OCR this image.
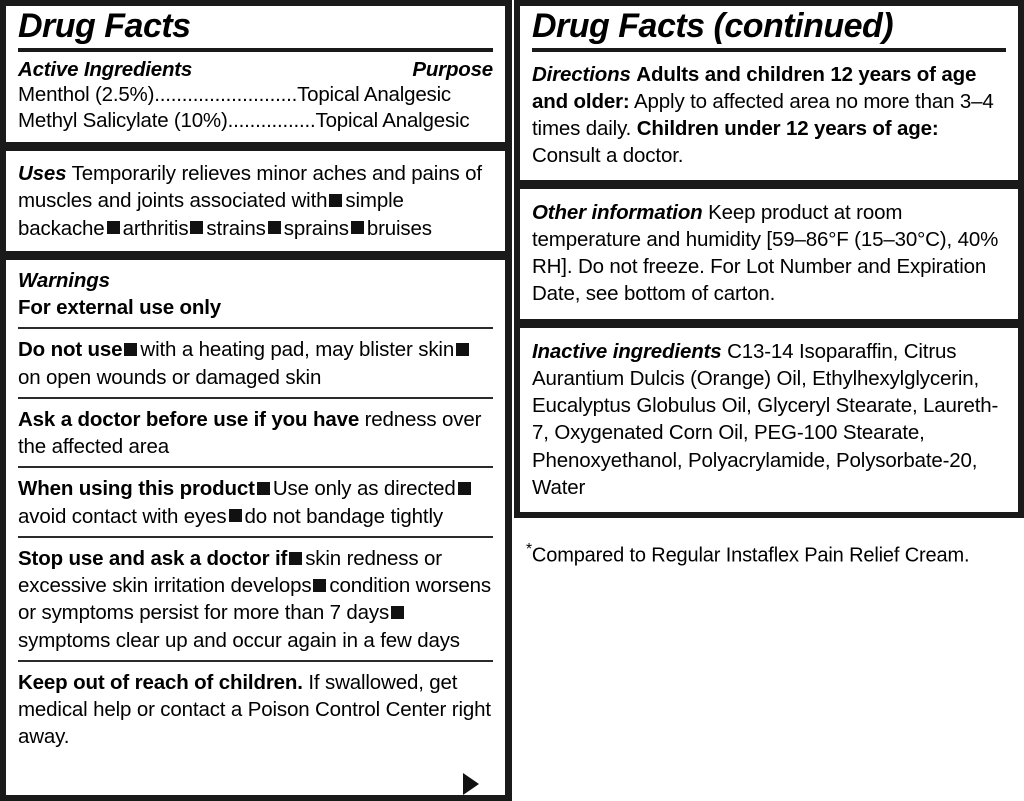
Drug Facts
Active Ingredients	Purpose
Menthol (2.5%)..........................Topical Analgesic
Methyl Salicylate (10%)................Topical Analgesic
Uses Temporarily relieves minor aches and pains of muscles and joints associated with simple backache arthritis strains sprains bruises
Warnings
For external use only
Do not use with a heating pad, may blister skinon open wounds or damaged skin
Ask a doctor before use if you have redness over the affected area
When using this product Use only as directedavoid contact with eyes do not bandage tightly
Stop use and ask a doctor if skin redness or excessive skin irritation develops condition worsens or symptoms persist for more than 7 dayssymptoms clear up and occur again in a few days
Keep out of reach of children. If swallowed, get medical help or contact a Poison Control Center right away.
Drug Facts (continued)
Directions Adults and children 12 years of age and older: Apply to affected area no more than 3–4 times daily. Children under 12 years of age: Consult a doctor.
Other information Keep product at room temperature and humidity [59–86°F (15–30°C), 40% RH]. Do not freeze. For Lot Number and Expiration Date, see bottom of carton.
Inactive ingredients C13-14 Isoparaffin, Citrus Aurantium Dulcis (Orange) Oil, Ethylhexylglycerin, Eucalyptus Globulus Oil, Glyceryl Stearate, Laureth-7, Oxygenated Corn Oil, PEG-100 Stearate, Phenoxyethanol, Polyacrylamide, Polysorbate-20, Water
*Compared to Regular Instaflex Pain Relief Cream.
